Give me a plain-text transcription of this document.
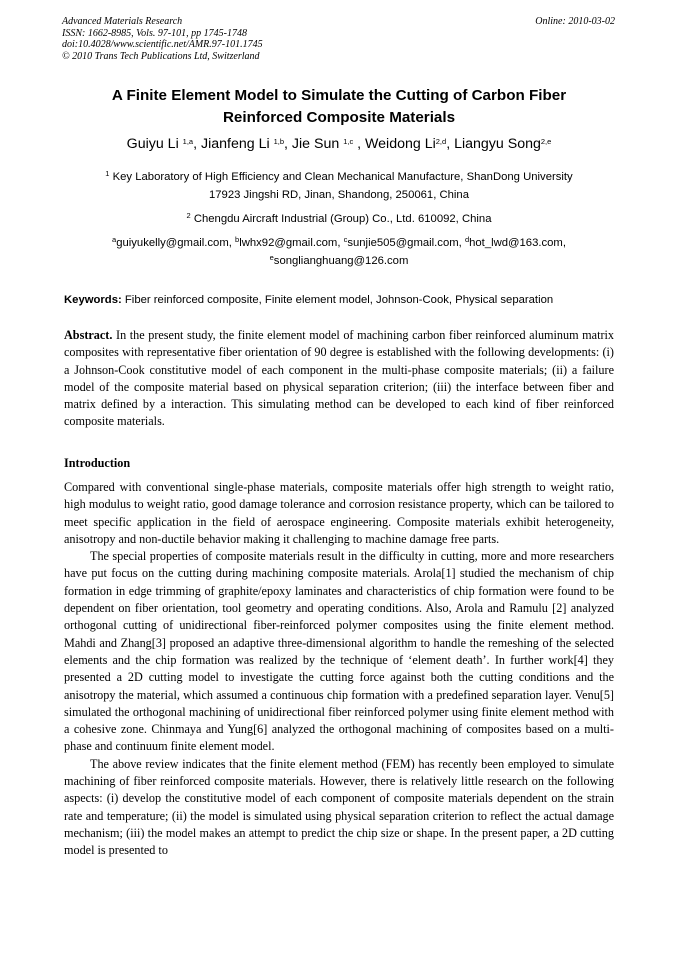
Advanced Materials Research
ISSN: 1662-8985, Vols. 97-101, pp 1745-1748
doi:10.4028/www.scientific.net/AMR.97-101.1745
© 2010 Trans Tech Publications Ltd, Switzerland
Online: 2010-03-02
A Finite Element Model to Simulate the Cutting of Carbon Fiber
Reinforced Composite Materials
Guiyu Li $^{1,a}$, Jianfeng Li $^{1,b}$, Jie Sun $^{1,c}$ , Weidong Li$^{2,d}$, Liangyu Song$^{2,e}$
$^1$ Key Laboratory of High Efficiency and Clean Mechanical Manufacture, ShanDong University
17923 Jingshi RD, Jinan, Shandong, 250061, China
$^2$ Chengdu Aircraft Industrial (Group) Co., Ltd. 610092, China
$^a$guiyukelly@gmail.com, $^b$lwhx92@gmail.com, $^c$sunjie505@gmail.com, $^d$hot_lwd@163.com,
$^e$songlianghuang@126.com
Keywords: Fiber reinforced composite, Finite element model, Johnson-Cook, Physical separation
Abstract. In the present study, the finite element model of machining carbon fiber reinforced aluminum matrix composites with representative fiber orientation of 90 degree is established with the following developments: (i) a Johnson-Cook constitutive model of each component in the multi-phase composite materials; (ii) a failure model of the composite material based on physical separation criterion; (iii) the interface between fiber and matrix defined by a interaction. This simulating method can be developed to each kind of fiber reinforced composite materials.
Introduction

Compared with conventional single-phase materials, composite materials offer high strength to weight ratio, high modulus to weight ratio, good damage tolerance and corrosion resistance property, which can be tailored to meet specific application in the field of aerospace engineering. Composite materials exhibit heterogeneity, anisotropy and non-ductile behavior making it challenging to machine damage free parts.

The special properties of composite materials result in the difficulty in cutting, more and more researchers have put focus on the cutting during machining composite materials. Arola[1] studied the mechanism of chip formation in edge trimming of graphite/epoxy laminates and characteristics of chip formation were found to be dependent on fiber orientation, tool geometry and operating conditions. Also, Arola and Ramulu [2] analyzed orthogonal cutting of unidirectional fiber-reinforced polymer composites using the finite element method. Mahdi and Zhang[3] proposed an adaptive three-dimensional algorithm to handle the remeshing of the selected elements and the chip formation was realized by the technique of ‘element death’. In further work[4] they presented a 2D cutting model to investigate the cutting force against both the cutting conditions and the anisotropy the material, which assumed a continuous chip formation with a predefined separation layer. Venu[5] simulated the orthogonal machining of unidirectional fiber reinforced polymer using finite element method with a cohesive zone. Chinmaya and Yung[6] analyzed the orthogonal machining of composites based on a multi-phase and continuum finite element model.

The above review indicates that the finite element method (FEM) has recently been employed to simulate machining of fiber reinforced composite materials. However, there is relatively little research on the following aspects: (i) develop the constitutive model of each component of composite materials dependent on the strain rate and temperature; (ii) the model is simulated using physical separation criterion to reflect the actual damage mechanism; (iii) the model makes an attempt to predict the chip size or shape. In the present paper, a 2D cutting model is presented to
